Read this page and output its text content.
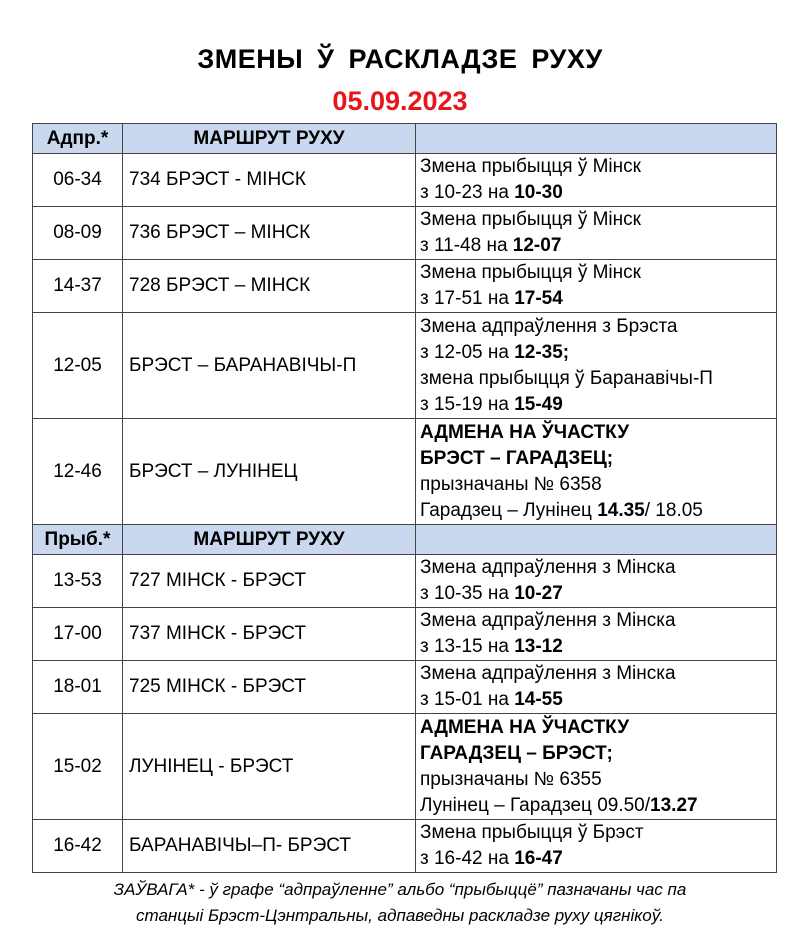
ЗМЕНЫ Ў РАСКЛАДЗЕ РУХУ
05.09.2023
Адпр.*	МАРШРУТ РУХУ	
06-34	734 БРЭСТ - МІНСК	Змена прыбыцця ў Мінск
з 10-23 на 10-30

08-09	736 БРЭСТ – МІНСК	Змена прыбыцця ў Мінск
з 11-48 на 12-07

14-37	728 БРЭСТ – МІНСК	Змена прыбыцця ў Мінск
з 17-51 на 17-54

12-05	БРЭСТ – БАРАНАВІЧЫ-П	Змена адпраўлення з Брэста
з 12-05 на 12-35;
змена прыбыцця ў Баранавічы-П
з 15-19 на 15-49

12-46	БРЭСТ – ЛУНІНЕЦ	АДМЕНА НА ЎЧАСТКУ
БРЭСТ – ГАРАДЗЕЦ;
прызначаны № 6358
Гарадзец – Лунінец 14.35/ 18.05

Прыб.*	МАРШРУТ РУХУ	
13-53	727 МІНСК - БРЭСТ	Змена адпраўлення з Мінска
з 10-35 на 10-27

17-00	737 МІНСК - БРЭСТ	Змена адпраўлення з Мінска
з 13-15 на 13-12

18-01	725 МІНСК - БРЭСТ	Змена адпраўлення з Мінска
з 15-01 на 14-55

15-02	ЛУНІНЕЦ - БРЭСТ	АДМЕНА НА ЎЧАСТКУ
ГАРАДЗЕЦ – БРЭСТ;
прызначаны № 6355
Лунінец – Гарадзец 09.50/13.27

16-42	БАРАНАВІЧЫ–П- БРЭСТ	Змена прыбыцця ў Брэст
з 16-42 на 16-47
ЗАЎВАГА* - ў графе “адпраўленне” альбо “прыбыццё” пазначаны час па
станцыі Брэст-Цэнтральны, адпаведны раскладзе руху цягнікоў.
